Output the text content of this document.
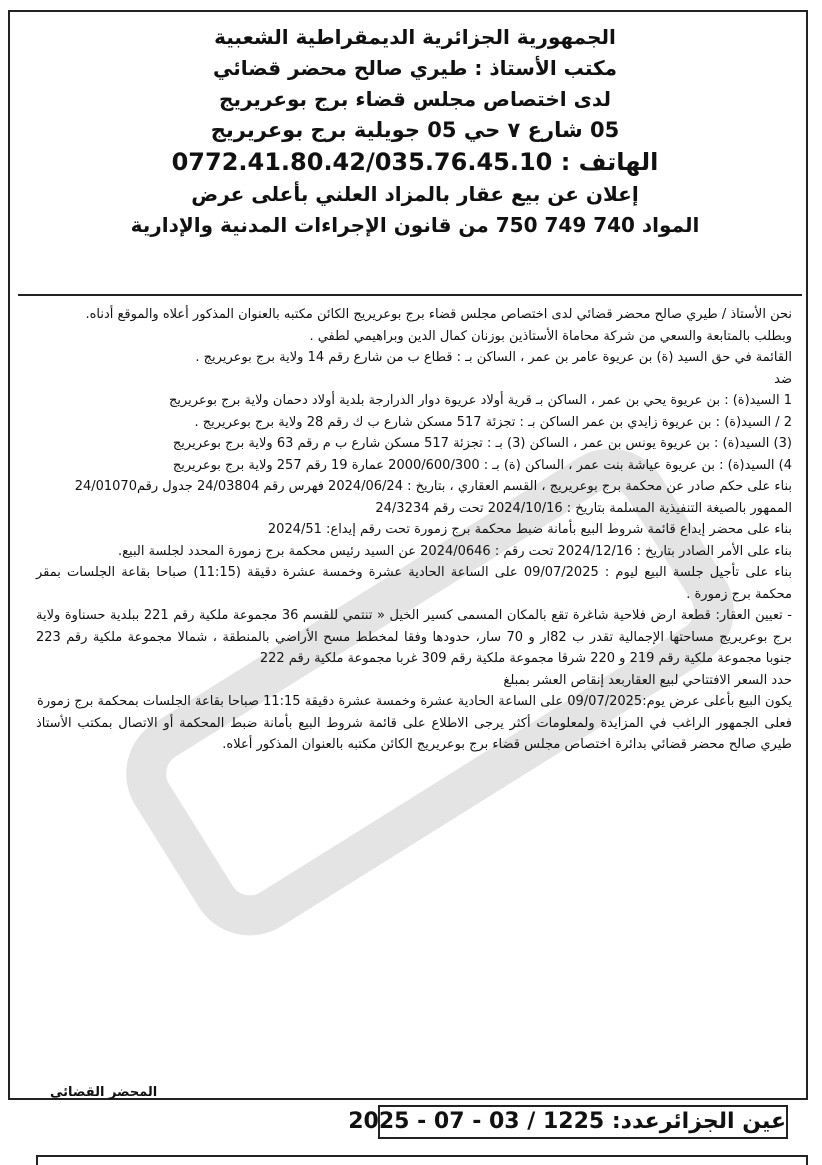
الجمهورية الجزائرية الديمقراطية الشعبية
مكتب الأستاذ : طيري صالح محضر قضائي
لدى اختصاص مجلس قضاء برج بوعريريج
05 شارع ٧ حي 05 جويلية برج بوعريريج
الهاتف : 0772.41.80.42/035.76.45.10
إعلان عن بيع عقار بالمزاد العلني بأعلى عرض
المواد 740 749 750 من قانون الإجراءات المدنية والإدارية

نحن الأستاذ / طيري صالح محضر قضائي لدى اختصاص مجلس قضاء برج بوعريريج الكائن مكتبه بالعنوان المذكور أعلاه والموقع أدناه.

وبطلب بالمتابعة والسعي من شركة محاماة الأستاذين بوزنان كمال الدين وبراهيمي لطفي .

القائمة في حق السيد (ة) بن عريوة عامر بن عمر ، الساكن بـ : قطاع ب من شارع رقم 14 ولاية برج بوعريريج .

ضد

1 السيد(ة) : بن عريوة يحي بن عمر ، الساكن بـ قرية أولاد عريوة دوار الدرارجة بلدية أولاد دحمان ولاية برج بوعريريج

2 / السيد(ة) : بن عريوة زايدي بن عمر الساكن بـ : تجزئة 517 مسكن شارع ب ك رقم 28 ولاية برج بوعريريج .

(3) السيد(ة) : بن عريوة يونس بن عمر ، الساكن (3) بـ : تجزئة 517 مسكن شارع ب م رقم 63 ولاية برج بوعريريج

4) السيد(ة) : بن عريوة عياشة بنت عمر ، الساكن (ة) بـ : 2000/600/300 عمارة 19 رقم 257 ولاية برج بوعريريج

بناء على حكم صادر عن محكمة برج بوعريريج ، القسم العقاري ، بتاريخ : 2024/06/24 فهرس رقم 24/03804 جدول رقم24/01070

الممهور بالصيغة التنفيذية المسلمة بتاريخ : 2024/10/16 تحت رقم 24/3234

بناء على محضر إيداع قائمة شروط البيع بأمانة ضبط محكمة برج زمورة تحت رقم إيداع: 2024/51

بناء على الأمر الصادر بتاريخ : 2024/12/16 تحت رقم : 2024/0646 عن السيد رئيس محكمة برج زمورة المحدد لجلسة البيع.

بناء على تأجيل جلسة البيع ليوم : 09/07/2025 على الساعة الحادية عشرة وخمسة عشرة دقيقة (11:15) صباحا بقاعة الجلسات بمقر محكمة برج زمورة .

- تعيين العقار: قطعة ارض فلاحية شاغرة تقع بالمكان المسمى كسير الخيل « تنتمي للقسم 36 مجموعة ملكية رقم 221 ببلدية حسناوة ولاية برج بوعريريج مساحتها الإجمالية تقدر ب 82ار و 70 سار، حدودها وفقا لمخطط مسح الأراضي بالمنطقة ، شمالا مجموعة ملكية رقم 223 جنوبا مجموعة ملكية رقم 219 و 220 شرقا مجموعة ملكية رقم 309 غربا مجموعة ملكية رقم 222

حدد السعر الافتتاحي لبيع العقاربعد إنقاص العشر بمبلغ

يكون البيع بأعلى عرض يوم:09/07/2025 على الساعة الحادية عشرة وخمسة عشرة دقيقة 11:15 صباحا بقاعة الجلسات بمحكمة برج زمورة

فعلى الجمهور الراغب في المزايدة ولمعلومات أكثر يرجى الاطلاع على قائمة شروط البيع بأمانة ضبط المحكمة أو الاتصال بمكتب الأستاذ طيري صالح محضر قضائي بدائرة اختصاص مجلس قضاء برج بوعريريج الكائن مكتبه بالعنوان المذكور أعلاه.

المحضر القضائي
عين الجزائرعدد: 1225 / 03 - 07 - 2025
